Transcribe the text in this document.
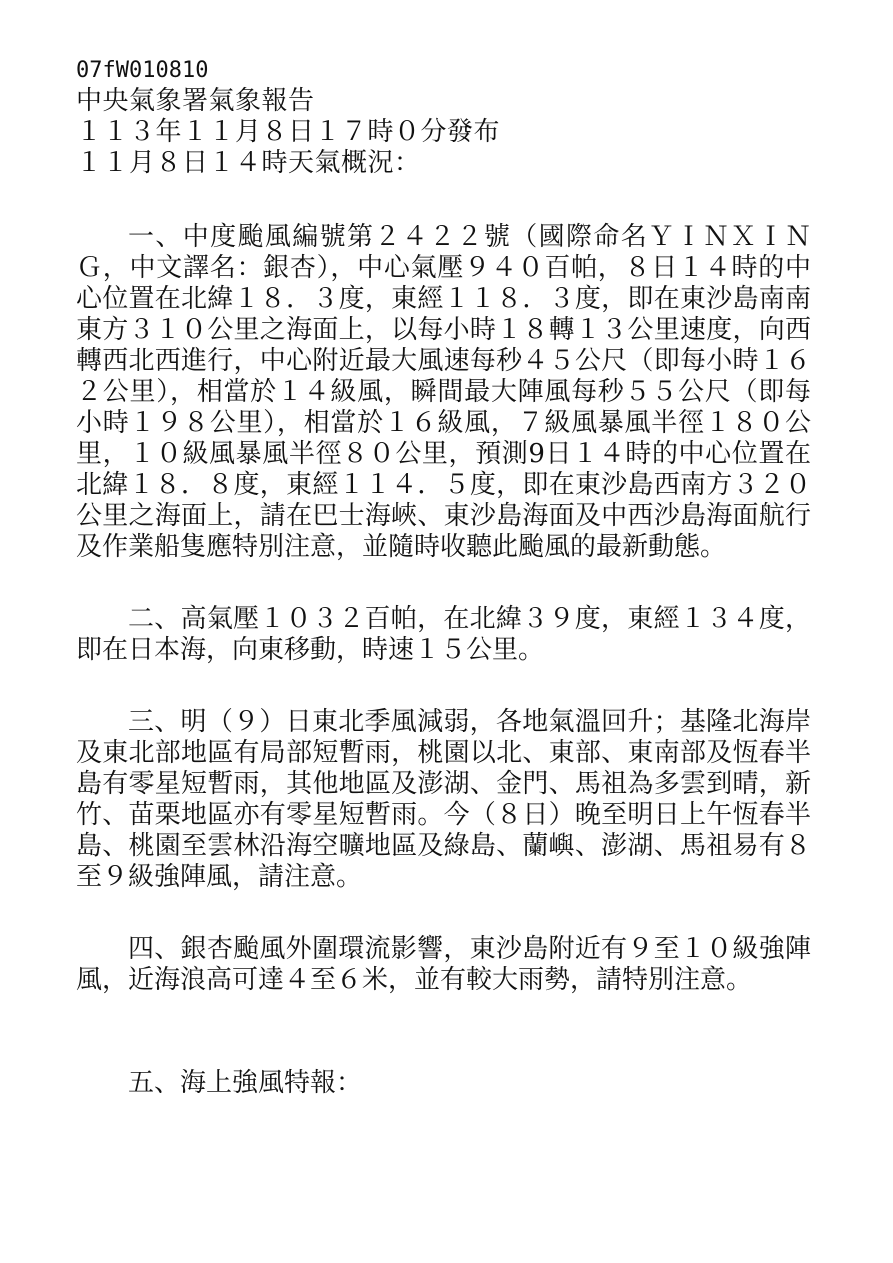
07fW010810
中央氣象署氣象報告
１１３年１１月８日１７時０分發布
１１月８日１４時天氣概況：

一、中度颱風編號第２４２２號（國際命名ＹＩＮＸＩＮＧ，中文譯名：銀杏），中心氣壓９４０百帕，８日１４時的中心位置在北緯１８．３度，東經１１８．３度，即在東沙島南南東方３１０公里之海面上，以每小時１８轉１３公里速度，向西轉西北西進行，中心附近最大風速每秒４５公尺（即每小時１６２公里），相當於１４級風，瞬間最大陣風每秒５５公尺（即每小時１９８公里），相當於１６級風，７級風暴風半徑１８０公里，１０級風暴風半徑８０公里，預測9日１４時的中心位置在北緯１８．８度，東經１１４．５度，即在東沙島西南方３２０公里之海面上，請在巴士海峽、東沙島海面及中西沙島海面航行及作業船隻應特別注意，並隨時收聽此颱風的最新動態。

二、高氣壓１０３２百帕，在北緯３９度，東經１３４度，即在日本海，向東移動，時速１５公里。

三、明（９）日東北季風減弱，各地氣溫回升；基隆北海岸及東北部地區有局部短暫雨，桃園以北、東部、東南部及恆春半島有零星短暫雨，其他地區及澎湖、金門、馬祖為多雲到晴，新竹、苗栗地區亦有零星短暫雨。今（８日）晚至明日上午恆春半島、桃園至雲林沿海空曠地區及綠島、蘭嶼、澎湖、馬祖易有８至９級強陣風，請注意。

四、銀杏颱風外圍環流影響，東沙島附近有９至１０級強陣風，近海浪高可達４至６米，並有較大雨勢，請特別注意。

五、海上強風特報：
